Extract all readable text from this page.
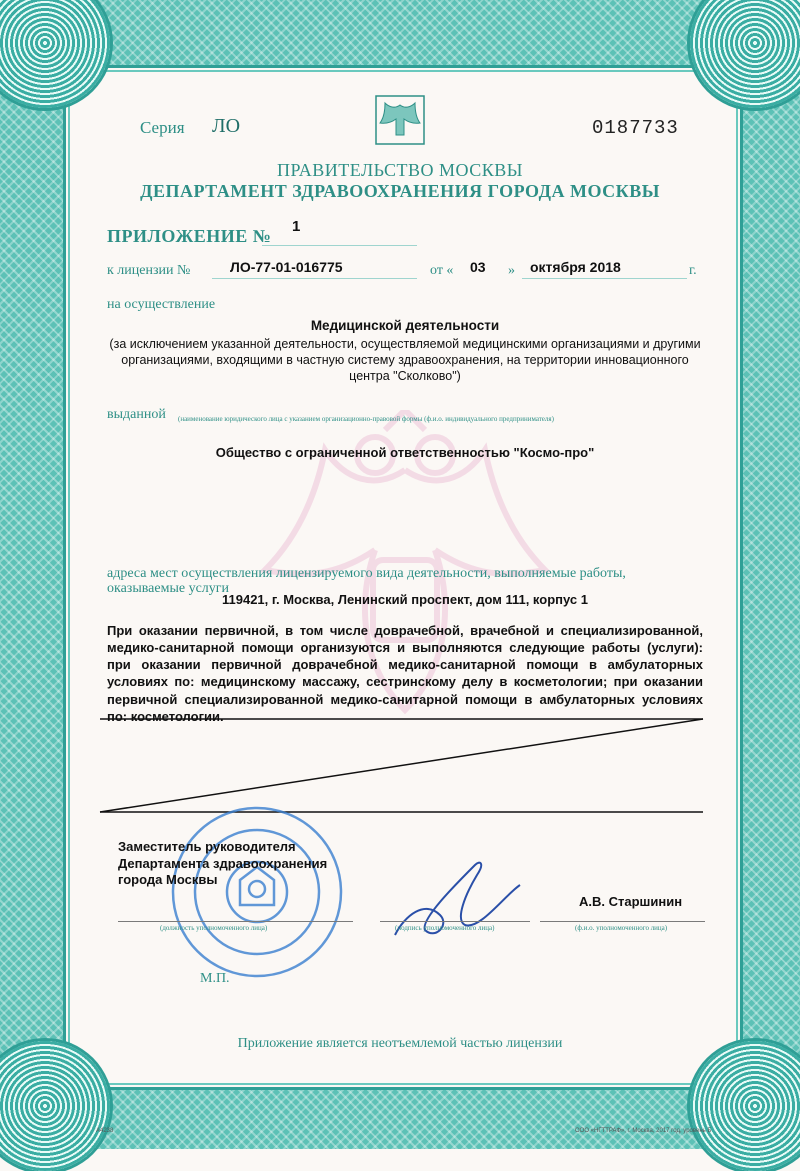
Серия ЛО	0187733
ПРАВИТЕЛЬСТВО МОСКВЫ
ДЕПАРТАМЕНТ ЗДРАВООХРАНЕНИЯ ГОРОДА МОСКВЫ
ПРИЛОЖЕНИЕ № 1
к лицензии №	ЛО-77-01-016775	от « 03 » октября 2018	г.
на осуществление
Медицинской деятельности
(за исключением указанной деятельности, осуществляемой медицинскими организациями и другими организациями, входящими в частную систему здравоохранения, на территории инновационного центра "Сколково")
выданной (наименование юридического лица с указанием организационно-правовой формы (ф.и.о. индивидуального предпринимателя)
Общество с ограниченной ответственностью "Космо-про"
адреса мест осуществления лицензируемого вида деятельности, выполняемые работы, оказываемые услуги
119421, г. Москва, Ленинский проспект, дом 111, корпус 1
При оказании первичной, в том числе доврачебной, врачебной и специализированной, медико-санитарной помощи организуются и выполняются следующие работы (услуги): при оказании первичной доврачебной медико-санитарной помощи в амбулаторных условиях по: медицинскому массажу, сестринскому делу в косметологии; при оказании первичной специализированной медико-санитарной помощи в амбулаторных условиях по: косметологии.
Заместитель руководителя Департамента здравоохранения города Москвы
А.В. Старшинин
(должность уполномоченного лица)	(подпись уполномоченного лица)	(ф.и.о. уполномоченного лица)
М.П.
Приложение является неотъемлемой частью лицензии
А4238	ООО «НГТТРАФ», г. Москва, 2017 год, уровень Б
